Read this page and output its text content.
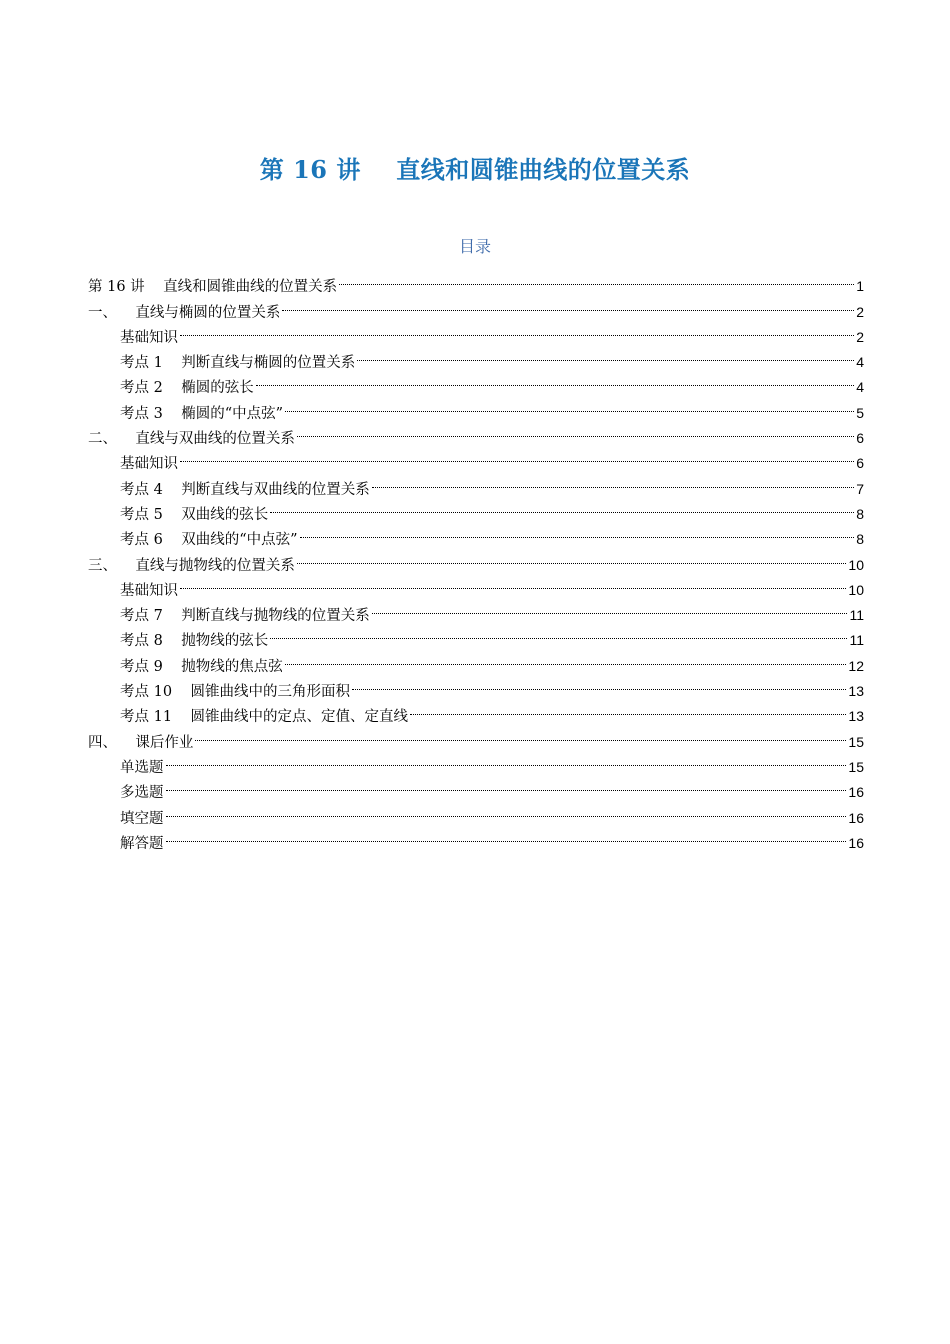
第 16 讲    直线和圆锥曲线的位置关系
目录
第 16 讲    直线和圆锥曲线的位置关系	1
一、    直线与椭圆的位置关系	2
基础知识	2
考点 1    判断直线与椭圆的位置关系	4
考点 2    椭圆的弦长	4
考点 3    椭圆的“中点弦”	5
二、    直线与双曲线的位置关系	6
基础知识	6
考点 4    判断直线与双曲线的位置关系	7
考点 5    双曲线的弦长	8
考点 6    双曲线的“中点弦”	8
三、    直线与抛物线的位置关系	10
基础知识	10
考点 7    判断直线与抛物线的位置关系	11
考点 8    抛物线的弦长	11
考点 9    抛物线的焦点弦	12
考点 10    圆锥曲线中的三角形面积	13
考点 11    圆锥曲线中的定点、定值、定直线	13
四、    课后作业	15
单选题	15
多选题	16
填空题	16
解答题	16
